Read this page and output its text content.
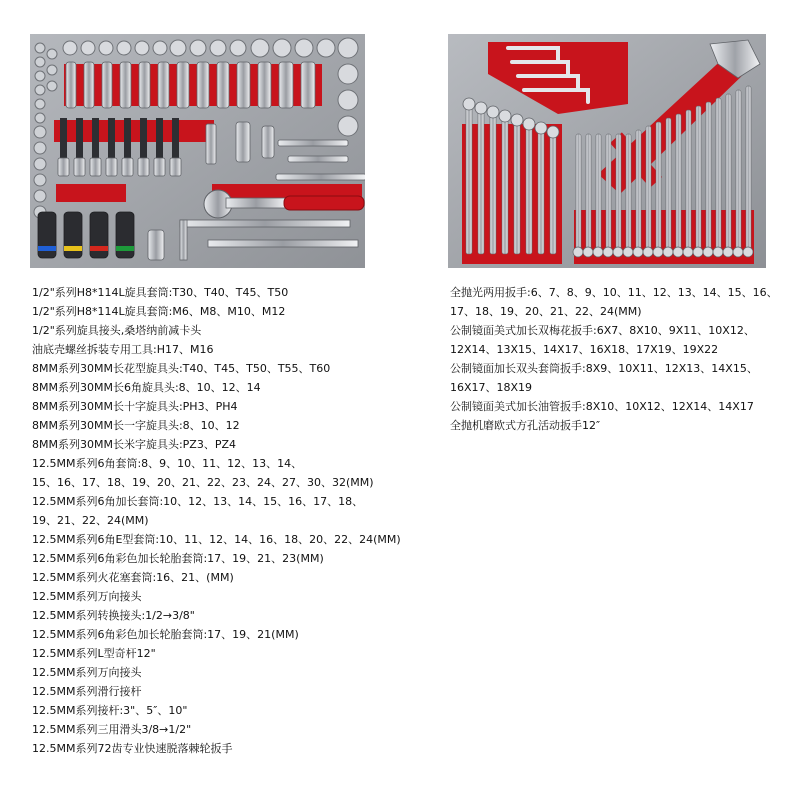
1/2"系列H8*114L旋具套筒:T30、T40、T45、T50
1/2"系列H8*114L旋具套筒:M6、M8、M10、M12
1/2"系列旋具接头,桑塔纳前减卡头
油底壳螺丝拆装专用工具:H17、M16
8MM系列30MM长花型旋具头:T40、T45、T50、T55、T60
8MM系列30MM长6角旋具头:8、10、12、14
8MM系列30MM长十字旋具头:PH3、PH4
8MM系列30MM长一字旋具头:8、10、12
8MM系列30MM长米字旋具头:PZ3、PZ4
12.5MM系列6角套筒:8、9、10、11、12、13、14、
15、16、17、18、19、20、21、22、23、24、27、30、32(MM)
12.5MM系列6角加长套筒:10、12、13、14、15、16、17、18、
19、21、22、24(MM)
12.5MM系列6角E型套筒:10、11、12、14、16、18、20、22、24(MM)
12.5MM系列6角彩色加长轮胎套筒:17、19、21、23(MM)
12.5MM系列火花塞套筒:16、21、(MM)
12.5MM系列万向接头
12.5MM系列转换接头:1/2→3/8"
12.5MM系列6角彩色加长轮胎套筒:17、19、21(MM)
12.5MM系列L型奇杆12"
12.5MM系列万向接头
12.5MM系列滑行接杆
12.5MM系列接杆:3"、5″、10"
12.5MM系列三用滑头3/8→1/2"
12.5MM系列72齿专业快速脱落棘轮扳手
全抛光两用扳手:6、7、8、9、10、11、12、13、14、15、16、
17、18、19、20、21、22、24(MM)
公制镜面美式加长双梅花扳手:6X7、8X10、9X11、10X12、
12X14、13X15、14X17、16X18、17X19、19X22
公制镜面加长双头套筒扳手:8X9、10X11、12X13、14X15、
16X17、18X19
公制镜面美式加长油管扳手:8X10、10X12、12X14、14X17
全抛机磨欧式方孔活动扳手12″
